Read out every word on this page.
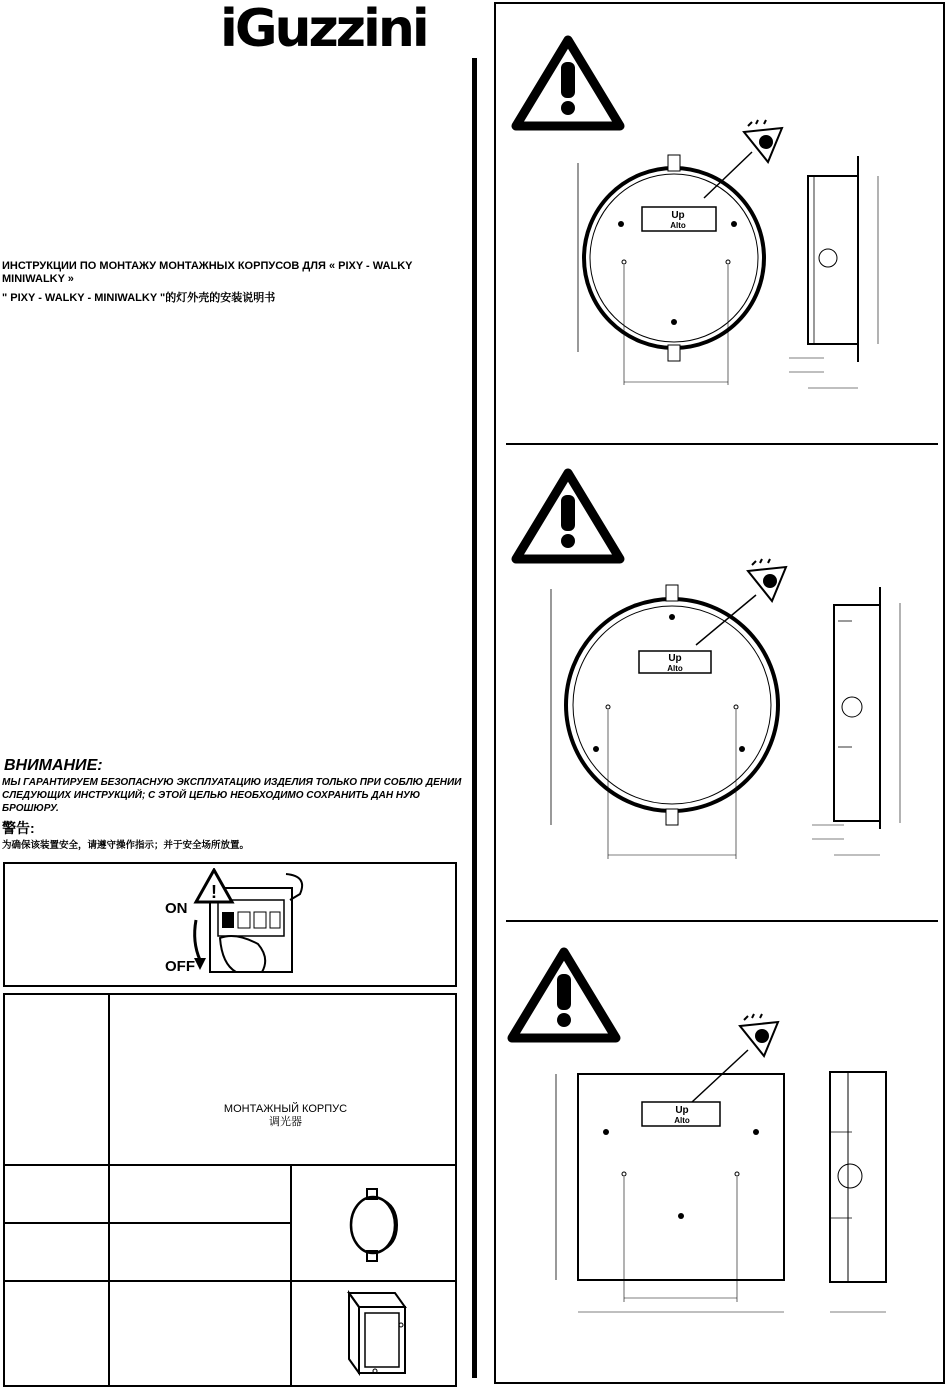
iGuzzini
ИНСТРУКЦИИ ПО МОНТАЖУ МОНТАЖНЫХ КОРПУСОВ ДЛЯ « PIXY - WALKY MINIWALKY »
" PIXY - WALKY - MINIWALKY "的灯外壳的安装说明书
ВНИМАНИЕ:
МЫ ГАРАНТИРУЕМ БЕЗОПАСНУЮ ЭКСПЛУАТАЦИЮ ИЗДЕЛИЯ ТОЛЬКО ПРИ СОБЛЮ ДЕНИИ СЛЕДУЮЩИХ ИНСТРУКЦИЙ; С ЭТОЙ ЦЕЛЬЮ НЕОБХОДИМО СОХРАНИТЬ ДАН НУЮ БРОШЮРУ.
警告:
为确保该装置安全，请遵守操作指示；并于安全场所放置。
ON
OFF
!
МОНТАЖНЫЙ КОРПУС
调光器
Up
Alto
Up
Alto
Up
Alto
